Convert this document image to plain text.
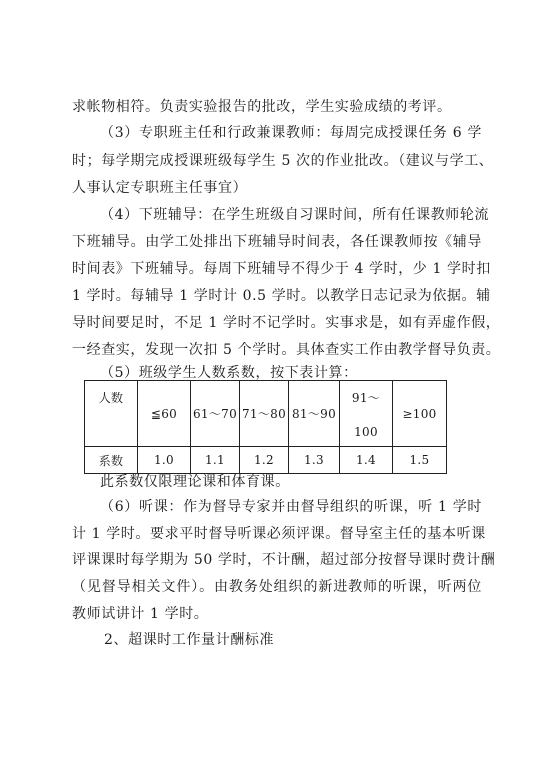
求帐物相符。负责实验报告的批改，学生实验成绩的考评。
（3）专职班主任和行政兼课教师：每周完成授课任务 6 学
时；每学期完成授课班级每学生 5 次的作业批改。（建议与学工、
人事认定专职班主任事宜）
（4）下班辅导：在学生班级自习课时间，所有任课教师轮流
下班辅导。由学工处排出下班辅导时间表，各任课教师按《辅导
时间表》下班辅导。每周下班辅导不得少于 4 学时，少 1 学时扣
1 学时。每辅导 1 学时计 0.5 学时。以教学日志记录为依据。辅
导时间要足时，不足 1 学时不记学时。实事求是，如有弄虚作假，
一经查实，发现一次扣 5 个学时。具体查实工作由教学督导负责。
（5）班级学生人数系数，按下表计算：
人数	≦60	61～70	71～80	81～90	91～
100	≥100
系数	1.0	1.1	1.2	1.3	1.4	1.5
此系数仅限理论课和体育课。
（6）听课：作为督导专家并由督导组织的听课，听 1 学时
计 1 学时。要求平时督导听课必须评课。督导室主任的基本听课
评课课时每学期为 50 学时，不计酬，超过部分按督导课时费计酬
（见督导相关文件）。由教务处组织的新进教师的听课，听两位
教师试讲计 1 学时。
2、超课时工作量计酬标准
